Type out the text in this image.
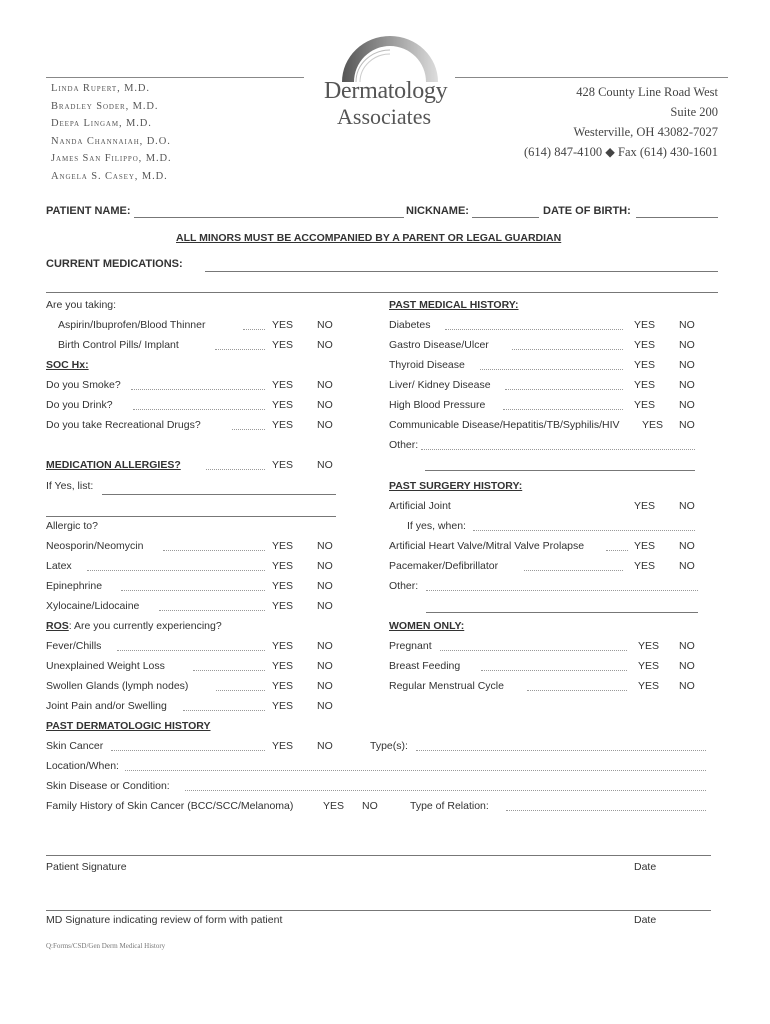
Linda Rupert, M.D.
Bradley Soder, M.D.
Deepa Lingam, M.D.
Nanda Channaiah, D.O.
James San Filippo, M.D.
Angela S. Casey, M.D.
Dermatology
Associates
428 County Line Road West
Suite 200
Westerville, OH 43082-7027
(614) 847-4100 ◆ Fax (614) 430-1601
PATIENT NAME:	NICKNAME:	DATE OF BIRTH:
ALL MINORS MUST BE ACCOMPANIED BY A PARENT OR LEGAL GUARDIAN
CURRENT MEDICATIONS:
Are you taking:
Aspirin/Ibuprofen/Blood Thinner	YES NO
Birth Control Pills/ Implant	YES NO
SOC Hx:
Do you Smoke?	YES NO
Do you Drink?	YES NO
Do you take Recreational Drugs?	YES NO
MEDICATION ALLERGIES?	YES NO
If Yes, list:
Allergic to?
Neosporin/Neomycin	YES NO
Latex	YES NO
Epinephrine	YES NO
Xylocaine/Lidocaine	YES NO
ROS: Are you currently experiencing?
Fever/Chills	YES NO
Unexplained Weight Loss	YES NO
Swollen Glands (lymph nodes)	YES NO
Joint Pain and/or Swelling	YES NO
PAST DERMATOLOGIC HISTORY
Skin Cancer	YES NO	Type(s):
Location/When:
Skin Disease or Condition:
Family History of Skin Cancer (BCC/SCC/Melanoma)	YES NO	Type of Relation:
PAST MEDICAL HISTORY:
Diabetes	YES NO
Gastro Disease/Ulcer	YES NO
Thyroid Disease	YES NO
Liver/ Kidney Disease	YES NO
High Blood Pressure	YES NO
Communicable Disease/Hepatitis/TB/Syphilis/HIV YES NO
Other:
PAST SURGERY HISTORY:
Artificial Joint	YES NO
If yes, when:
Artificial Heart Valve/Mitral Valve Prolapse	YES NO
Pacemaker/Defibrillator	YES NO
Other:
WOMEN ONLY:
Pregnant	YES NO
Breast Feeding	YES NO
Regular Menstrual Cycle	YES NO
Patient Signature	Date
MD Signature indicating review of form with patient	Date
Q:Forms/CSD/Gen Derm Medical History
